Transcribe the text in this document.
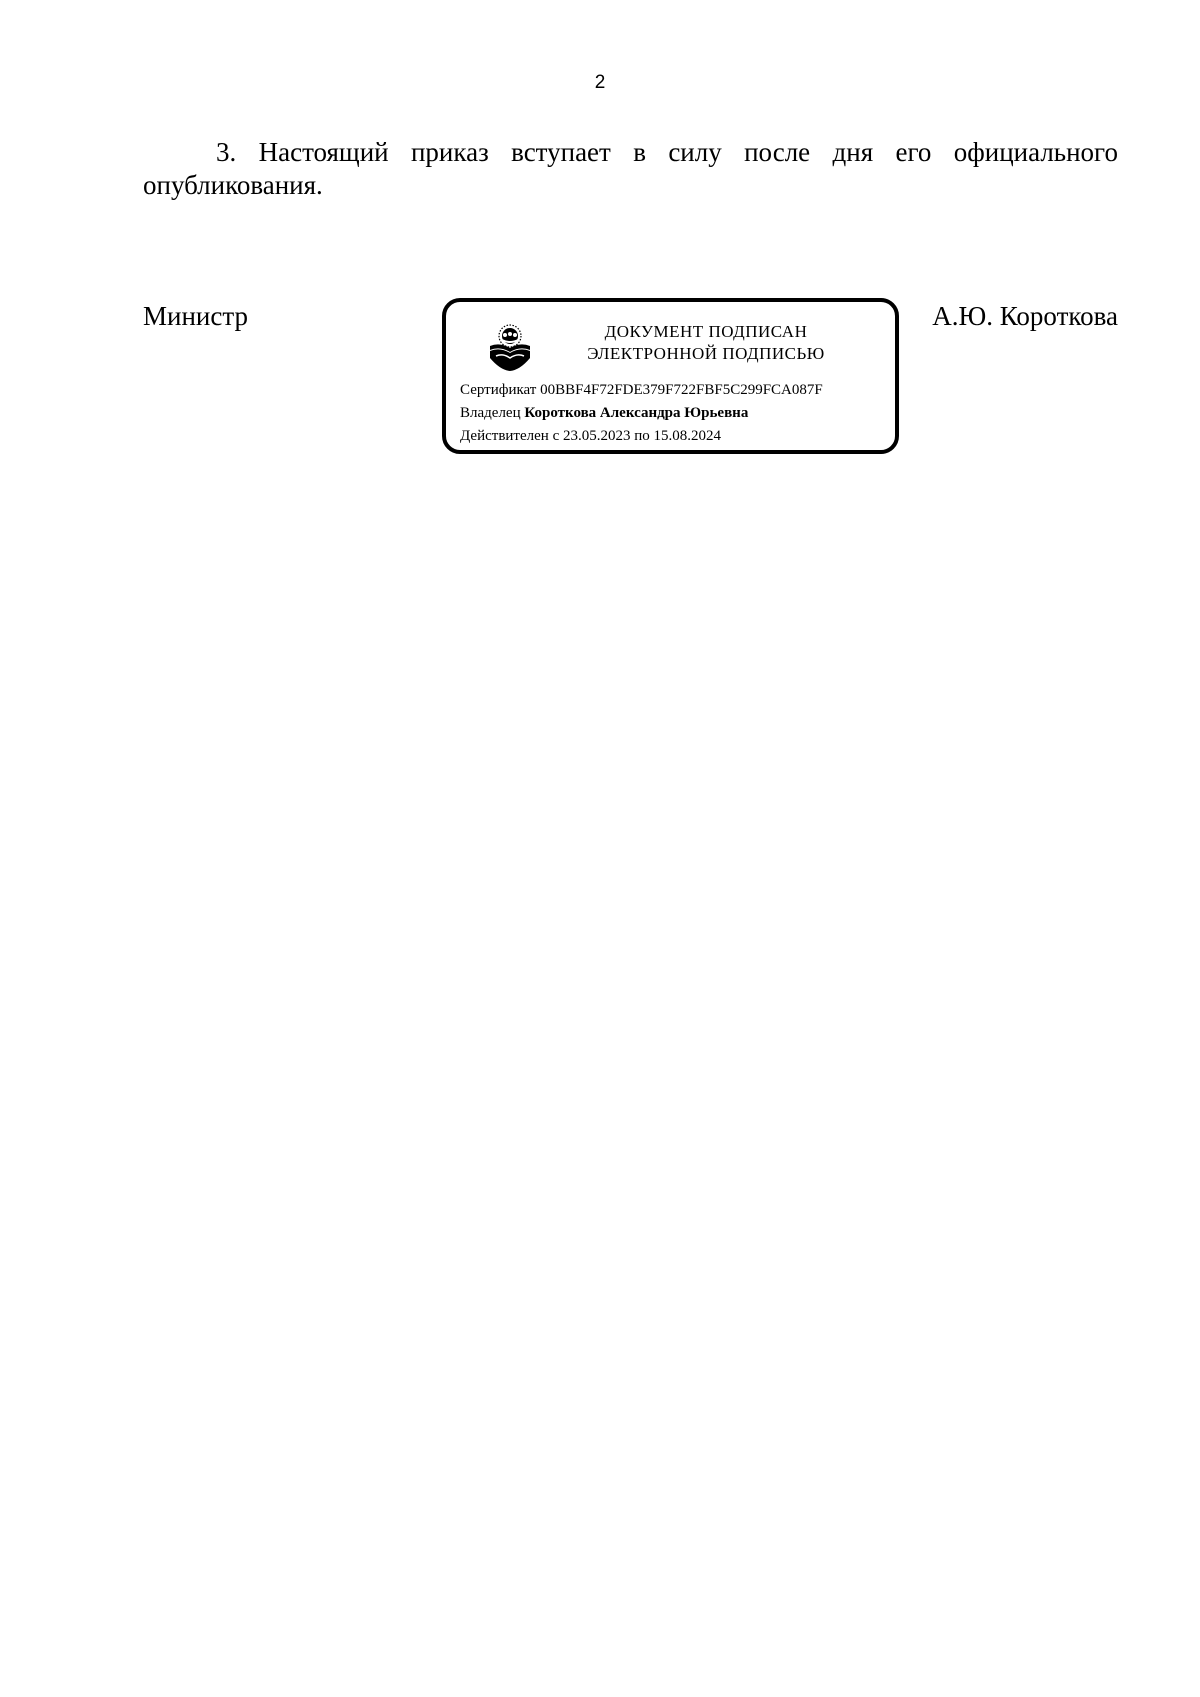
2
3. Настоящий приказ вступает в силу после дня его официального
опубликования.
Министр
ДОКУМЕНТ ПОДПИСАН
ЭЛЕКТРОННОЙ ПОДПИСЬЮ
Сертификат 00BBF4F72FDE379F722FBF5C299FCA087F
Владелец Короткова Александра Юрьевна
Действителен с 23.05.2023 по 15.08.2024
А.Ю. Короткова
